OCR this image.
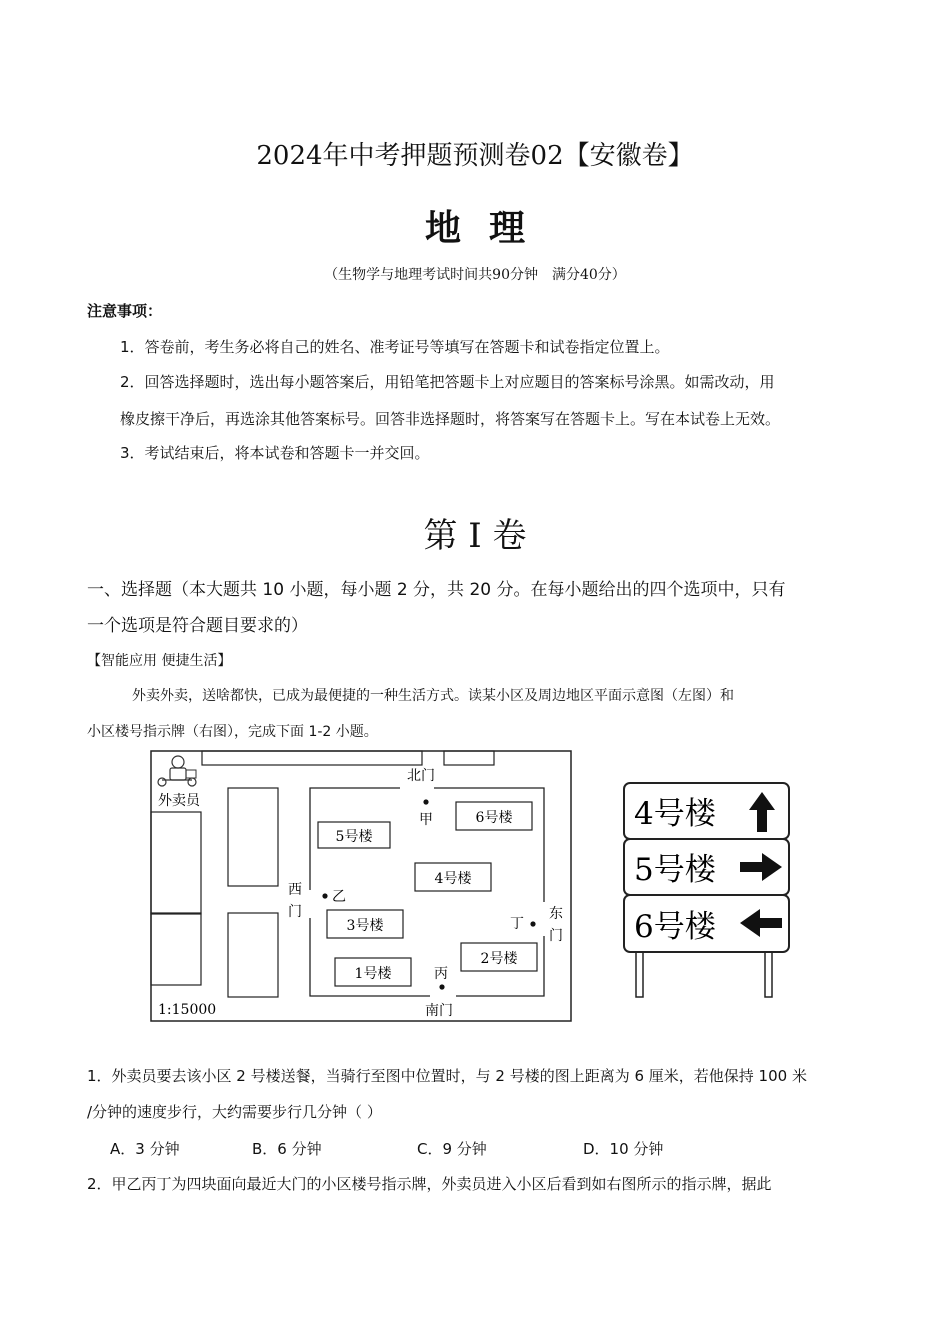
2024年中考押题预测卷02【安徽卷】
地理
（生物学与地理考试时间共90分钟　满分40分）
注意事项：
1．答卷前，考生务必将自己的姓名、准考证号等填写在答题卡和试卷指定位置上。
2．回答选择题时，选出每小题答案后，用铅笔把答题卡上对应题目的答案标号涂黑。如需改动，用
橡皮擦干净后，再选涂其他答案标号。回答非选择题时，将答案写在答题卡上。写在本试卷上无效。
3．考试结束后，将本试卷和答题卡一并交回。
第 I 卷
一、选择题（本大题共 10 小题，每小题 2 分，共 20 分。在每小题给出的四个选项中，只有
一个选项是符合题目要求的）
【智能应用 便捷生活】
外卖外卖，送啥都快，已成为最便捷的一种生活方式。读某小区及周边地区平面示意图（左图）和
小区楼号指示牌（右图），完成下面 1-2 小题。
外卖员
北门
南门
西
门	东
门
5号楼
6号楼
4号楼
3号楼
2号楼
1号楼
甲
乙
丙
丁
1:15000
4号楼
5号楼
6号楼
1．外卖员要去该小区 2 号楼送餐，当骑行至图中位置时，与 2 号楼的图上距离为 6 厘米，若他保持 100 米
/分钟的速度步行，大约需要步行几分钟（ ）
A．3 分钟	B．6 分钟	C．9 分钟	D．10 分钟
2．甲乙丙丁为四块面向最近大门的小区楼号指示牌，外卖员进入小区后看到如右图所示的指示牌，据此
